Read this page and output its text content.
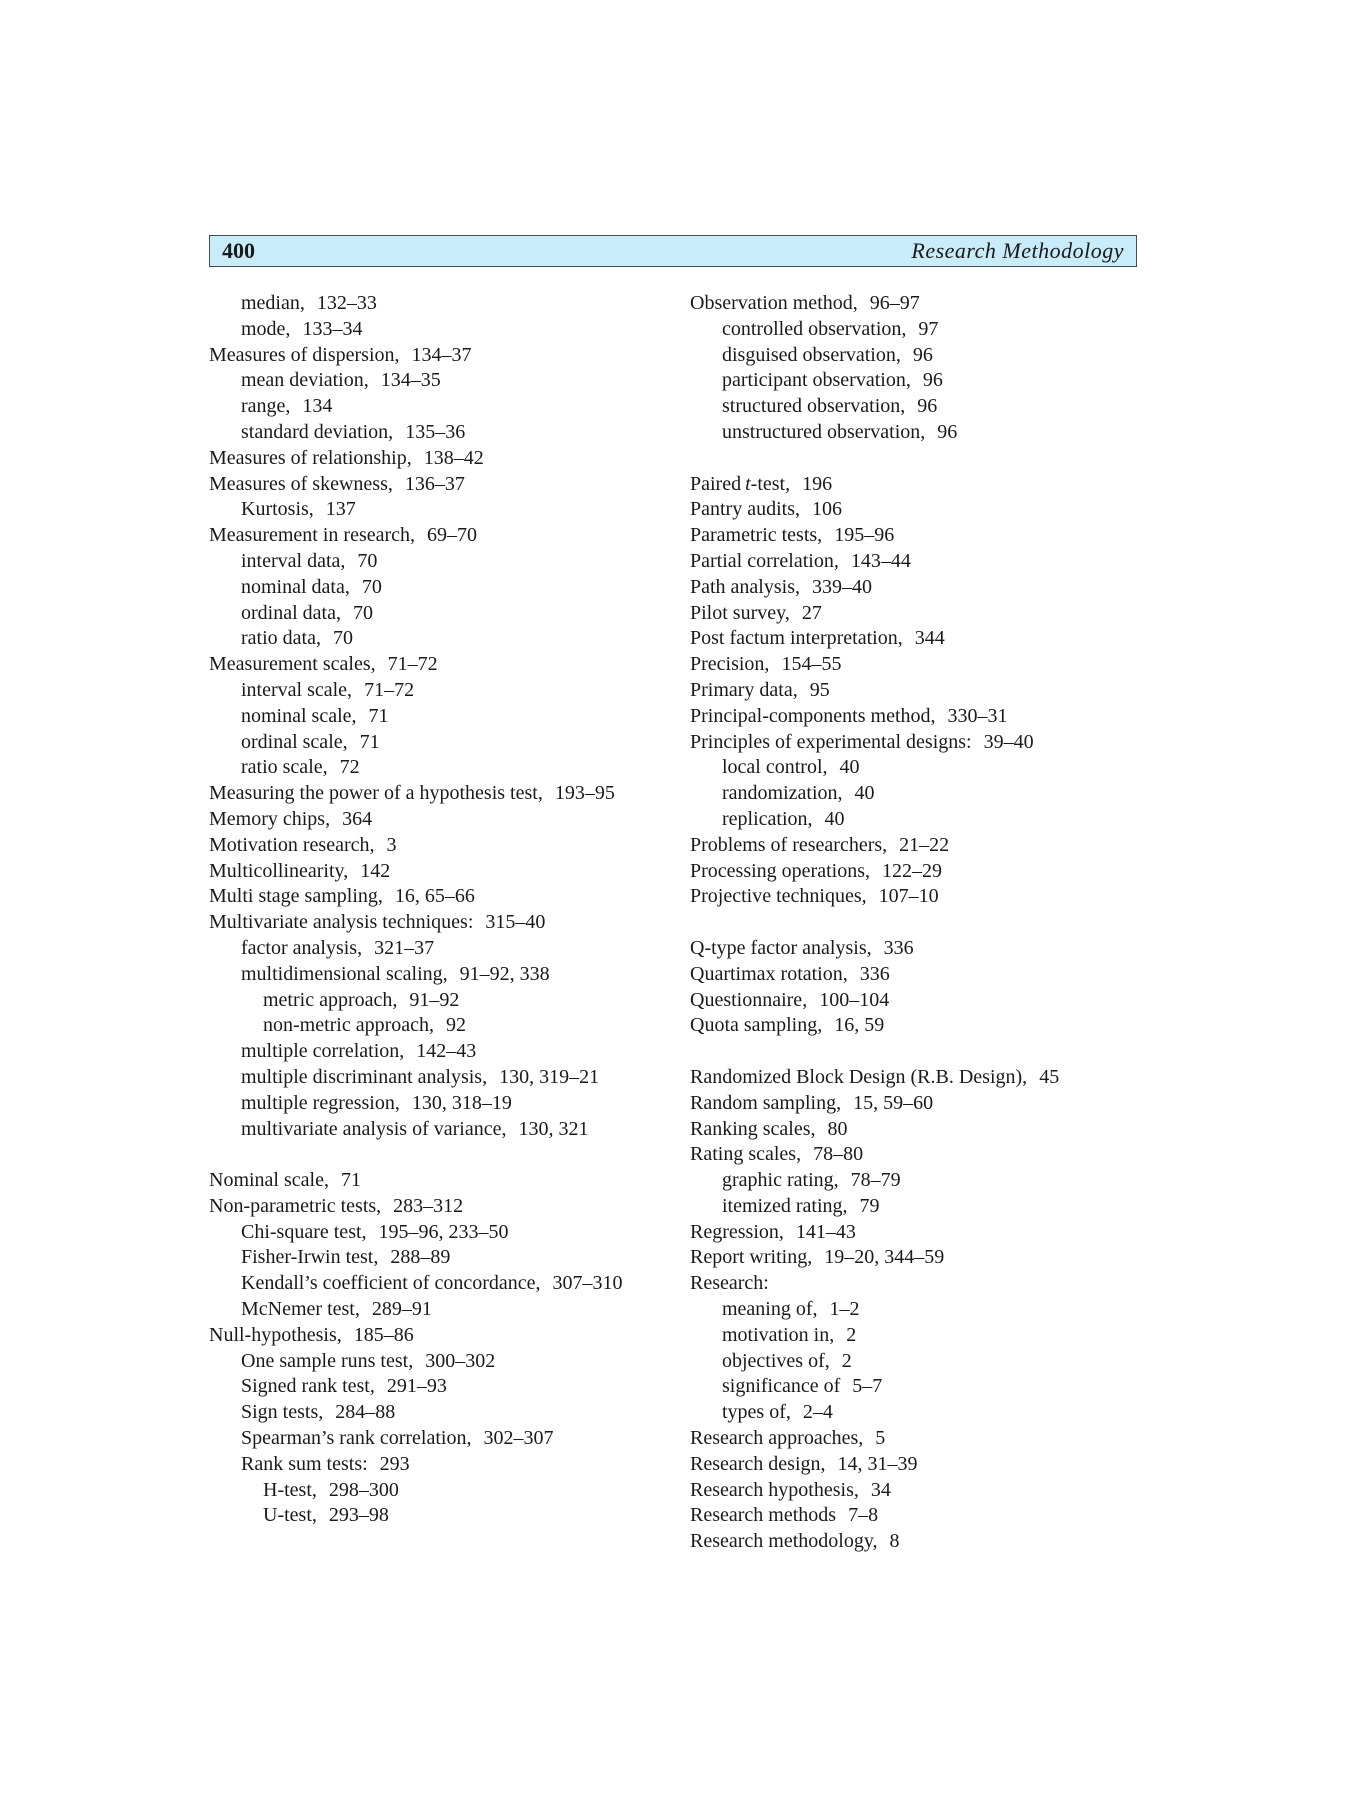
400	Research Methodology
median, 132–33
mode, 133–34
Measures of dispersion, 134–37
mean deviation, 134–35
range, 134
standard deviation, 135–36
Measures of relationship, 138–42
Measures of skewness, 136–37
Kurtosis, 137
Measurement in research, 69–70
interval data, 70
nominal data, 70
ordinal data, 70
ratio data, 70
Measurement scales, 71–72
interval scale, 71–72
nominal scale, 71
ordinal scale, 71
ratio scale, 72
Measuring the power of a hypothesis test, 193–95
Memory chips, 364
Motivation research, 3
Multicollinearity, 142
Multi stage sampling, 16, 65–66
Multivariate analysis techniques: 315–40
factor analysis, 321–37
multidimensional scaling, 91–92, 338
metric approach, 91–92
non-metric approach, 92
multiple correlation, 142–43
multiple discriminant analysis, 130, 319–21
multiple regression, 130, 318–19
multivariate analysis of variance, 130, 321
Nominal scale, 71
Non-parametric tests, 283–312
Chi-square test, 195–96, 233–50
Fisher-Irwin test, 288–89
Kendall’s coefficient of concordance, 307–310
McNemer test, 289–91
Null-hypothesis, 185–86
One sample runs test, 300–302
Signed rank test, 291–93
Sign tests, 284–88
Spearman’s rank correlation, 302–307
Rank sum tests: 293
H-test, 298–300
U-test, 293–98
Observation method, 96–97
controlled observation, 97
disguised observation, 96
participant observation, 96
structured observation, 96
unstructured observation, 96
Paired t-test, 196
Pantry audits, 106
Parametric tests, 195–96
Partial correlation, 143–44
Path analysis, 339–40
Pilot survey, 27
Post factum interpretation, 344
Precision, 154–55
Primary data, 95
Principal-components method, 330–31
Principles of experimental designs: 39–40
local control, 40
randomization, 40
replication, 40
Problems of researchers, 21–22
Processing operations, 122–29
Projective techniques, 107–10
Q-type factor analysis, 336
Quartimax rotation, 336
Questionnaire, 100–104
Quota sampling, 16, 59
Randomized Block Design (R.B. Design), 45
Random sampling, 15, 59–60
Ranking scales, 80
Rating scales, 78–80
graphic rating, 78–79
itemized rating, 79
Regression, 141–43
Report writing, 19–20, 344–59
Research:
meaning of, 1–2
motivation in, 2
objectives of, 2
significance of 5–7
types of, 2–4
Research approaches, 5
Research design, 14, 31–39
Research hypothesis, 34
Research methods 7–8
Research methodology, 8
